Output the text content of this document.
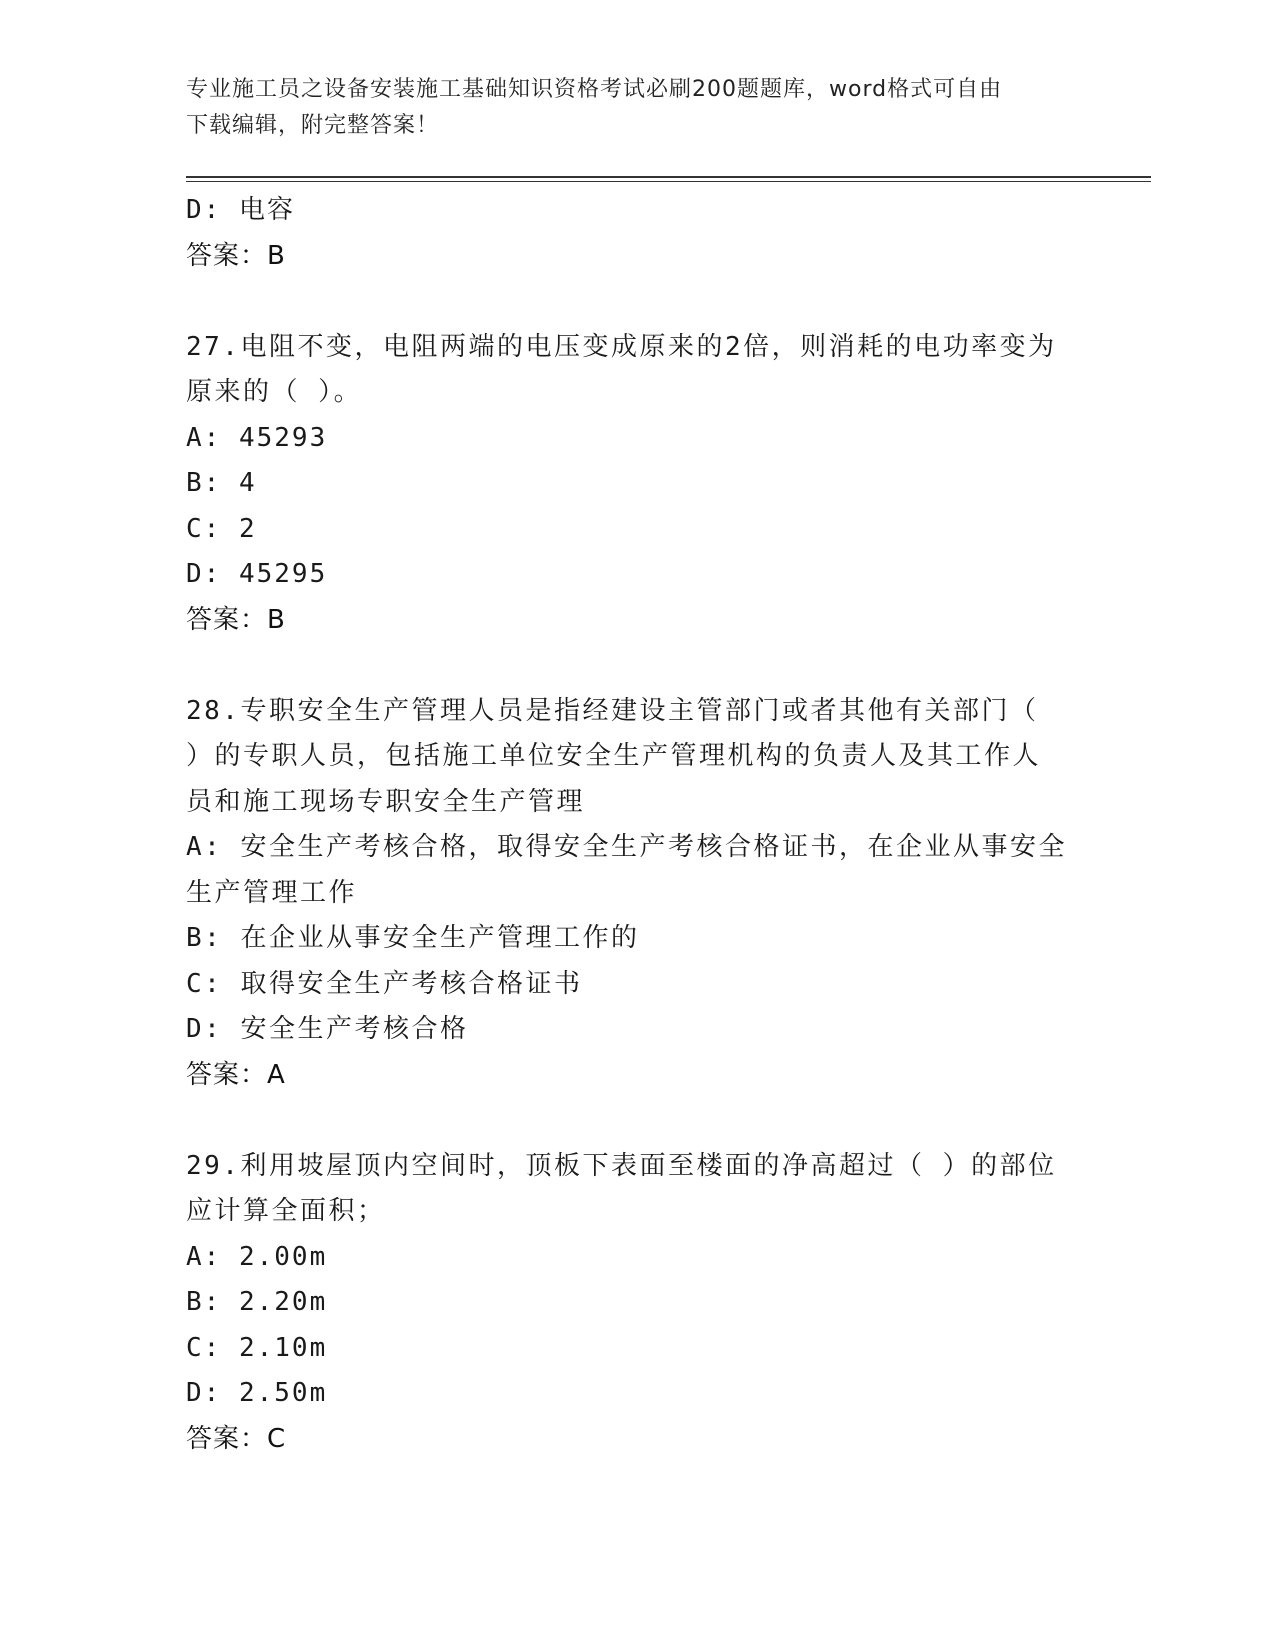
专业施工员之设备安装施工基础知识资格考试必刷200题题库，word格式可自由
下载编辑，附完整答案！
D: 电容
答案：B
27.电阻不变，电阻两端的电压变成原来的2倍，则消耗的电功率变为
原来的（ ）。
A: 45293
B: 4
C: 2
D: 45295
答案：B
28.专职安全生产管理人员是指经建设主管部门或者其他有关部门（
）的专职人员，包括施工单位安全生产管理机构的负责人及其工作人
员和施工现场专职安全生产管理
A: 安全生产考核合格，取得安全生产考核合格证书，在企业从事安全
生产管理工作
B: 在企业从事安全生产管理工作的
C: 取得安全生产考核合格证书
D: 安全生产考核合格
答案：A
29.利用坡屋顶内空间时，顶板下表面至楼面的净高超过（ ）的部位
应计算全面积；
A: 2.00m
B: 2.20m
C: 2.10m
D: 2.50m
答案：C
